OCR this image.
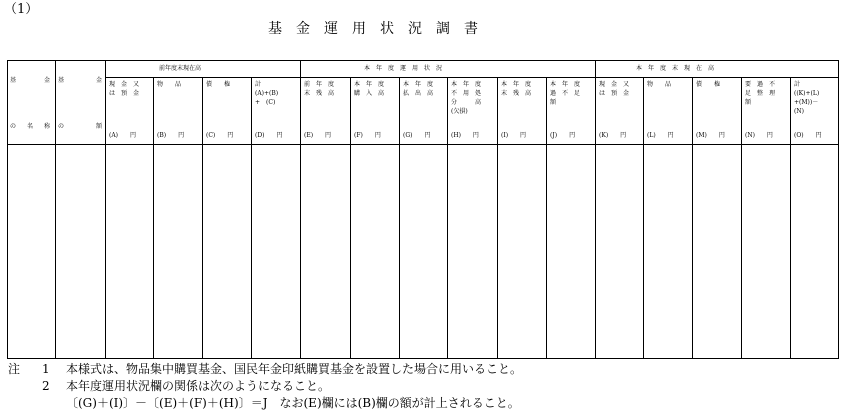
（1）
基　金　運　用　状　況　調　書
前年度末現在高	本　年　度　運　用　状　況	本　年　度　末　現　在　高
基　　金
の名称
基　　金
の　　額
現金又
は預金
(A)　　円
物　　品
(B)　　円
債　　権
(C)　　円
計
(A)+(B)
+　(C)
(D)　　円
前年度
末残高
(E)　　円
本年度
購入高
(F)　　円
本年度
払出高
(G)　　円
本年度
不用処
分　高
(欠損)
(H)　　円
本年度
末残高
(I)　　円
本年度
過不足
額
(J)　　円
現金又
は預金
(K)　　円
物　　品
(L)　　円
債　　権
(M)　　円
要過不
足整理
額
(N)　　円
計
((K)+(L)
+(M))－
(N)
(O)　　円
注 1 本様式は、物品集中購買基金、国民年金印紙購買基金を設置した場合に用いること。
2 本年度運用状況欄の関係は次のようになること。
〔(G)＋(I)〕－〔(E)＋(F)＋(H)〕＝J　なお(E)欄には(B)欄の額が計上されること。
